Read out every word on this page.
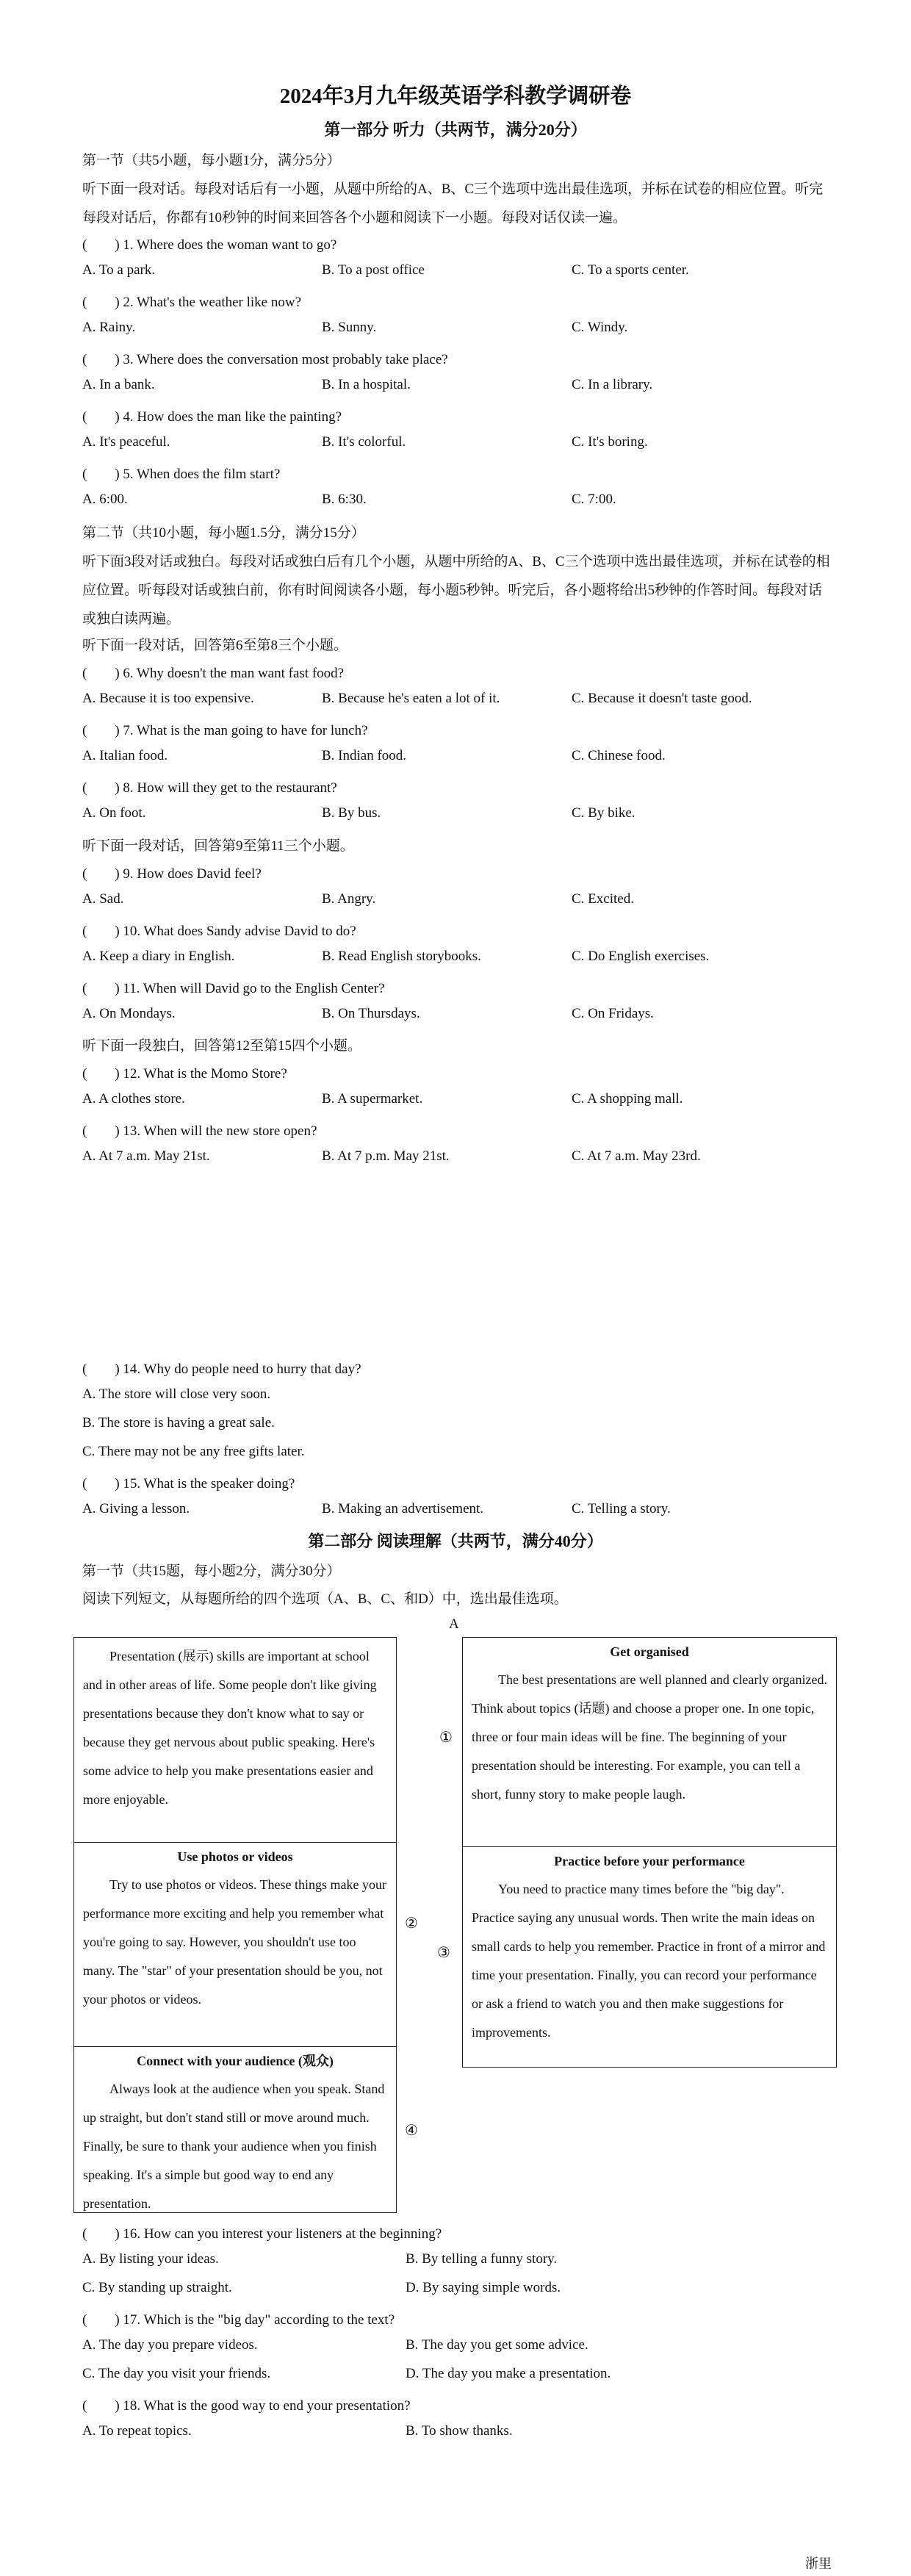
2024年3月九年级英语学科教学调研卷
第一部分 听力（共两节，满分20分）
第一节（共5小题，每小题1分，满分5分）
听下面一段对话。每段对话后有一小题，从题中所给的A、B、C三个选项中选出最佳选项，并标在试卷的相应位置。听完每段对话后，你都有10秒钟的时间来回答各个小题和阅读下一小题。每段对话仅读一遍。
(　　) 1. Where does the woman want to go?
A. To a park.	B. To a post office	C. To a sports center.
(　　) 2. What's the weather like now?
A. Rainy.	B. Sunny.	C. Windy.
(　　) 3. Where does the conversation most probably take place?
A. In a bank.	B. In a hospital.	C. In a library.
(　　) 4. How does the man like the painting?
A. It's peaceful.	B. It's colorful.	C. It's boring.
(　　) 5. When does the film start?
A. 6:00.	B. 6:30.	C. 7:00.
(　　) 6. Why doesn't the man want fast food?
A. Because it is too expensive.	B. Because he's eaten a lot of it.	C. Because it doesn't taste good.
(　　) 7. What is the man going to have for lunch?
A. Italian food.	B. Indian food.	C. Chinese food.
(　　) 8. How will they get to the restaurant?
A. On foot.	B. By bus.	C. By bike.
(　　) 9. How does David feel?
A. Sad.	B. Angry.	C. Excited.
(　　) 10. What does Sandy advise David to do?
A. Keep a diary in English.	B. Read English storybooks.	C. Do English exercises.
(　　) 11. When will David go to the English Center?
A. On Mondays.	B. On Thursdays.	C. On Fridays.
(　　) 12. What is the Momo Store?
A. A clothes store.	B. A supermarket.	C. A shopping mall.
(　　) 13. When will the new store open?
A. At 7 a.m. May 21st.	B. At 7 p.m. May 21st.	C. At 7 a.m. May 23rd.
第二节（共10小题，每小题1.5分，满分15分）
听下面3段对话或独白。每段对话或独白后有几个小题，从题中所给的A、B、C三个选项中选出最佳选项，并标在试卷的相应位置。听每段对话或独白前，你有时间阅读各小题，每小题5秒钟。听完后，各小题将给出5秒钟的作答时间。每段对话或独白读两遍。
听下面一段对话，回答第6至第8三个小题。
听下面一段对话，回答第9至第11三个小题。
听下面一段独白，回答第12至第15四个小题。
(　　) 14. Why do people need to hurry that day?
A. The store will close very soon.
B. The store is having a great sale.
C. There may not be any free gifts later.
(　　) 15. What is the speaker doing?
A. Giving a lesson.	B. Making an advertisement.	C. Telling a story.
第二部分 阅读理解（共两节，满分40分）
第一节（共15题，每小题2分，满分30分）
阅读下列短文，从每题所给的四个选项（A、B、C、和D）中，选出最佳选项。
A

Presentation (展示) skills are important at school and in other areas of life. Some people don't like giving presentations because they don't know what to say or because they get nervous about public speaking. Here's some advice to help you make presentations easier and more enjoyable.

Use photos or videos

Try to use photos or videos. These things make your performance more exciting and help you remember what you're going to say. However, you shouldn't use too many. The "star" of your presentation should be you, not your photos or videos.

Connect with your audience (观众)

Always look at the audience when you speak. Stand up straight, but don't stand still or move around much. Finally, be sure to thank your audience when you finish speaking. It's a simple but good way to end any presentation.

①
②
③
④
Get organised

The best presentations are well planned and clearly organized. Think about topics (话题) and choose a proper one. In one topic, three or four main ideas will be fine. The beginning of your presentation should be interesting. For example, you can tell a short, funny story to make people laugh.

Practice before your performance

You need to practice many times before the "big day". Practice saying any unusual words. Then write the main ideas on small cards to help you remember. Practice in front of a mirror and time your presentation. Finally, you can record your performance or ask a friend to watch you and then make suggestions for improvements.

(　　) 16. How can you interest your listeners at the beginning?
A. By listing your ideas.	B. By telling a funny story.
C. By standing up straight.	D. By saying simple words.
(　　) 17. Which is the "big day" according to the text?
A. The day you prepare videos.	B. The day you get some advice.
C. The day you visit your friends.	D. The day you make a presentation.
(　　) 18. What is the good way to end your presentation?
A. To repeat topics.	B. To show thanks.
浙里
